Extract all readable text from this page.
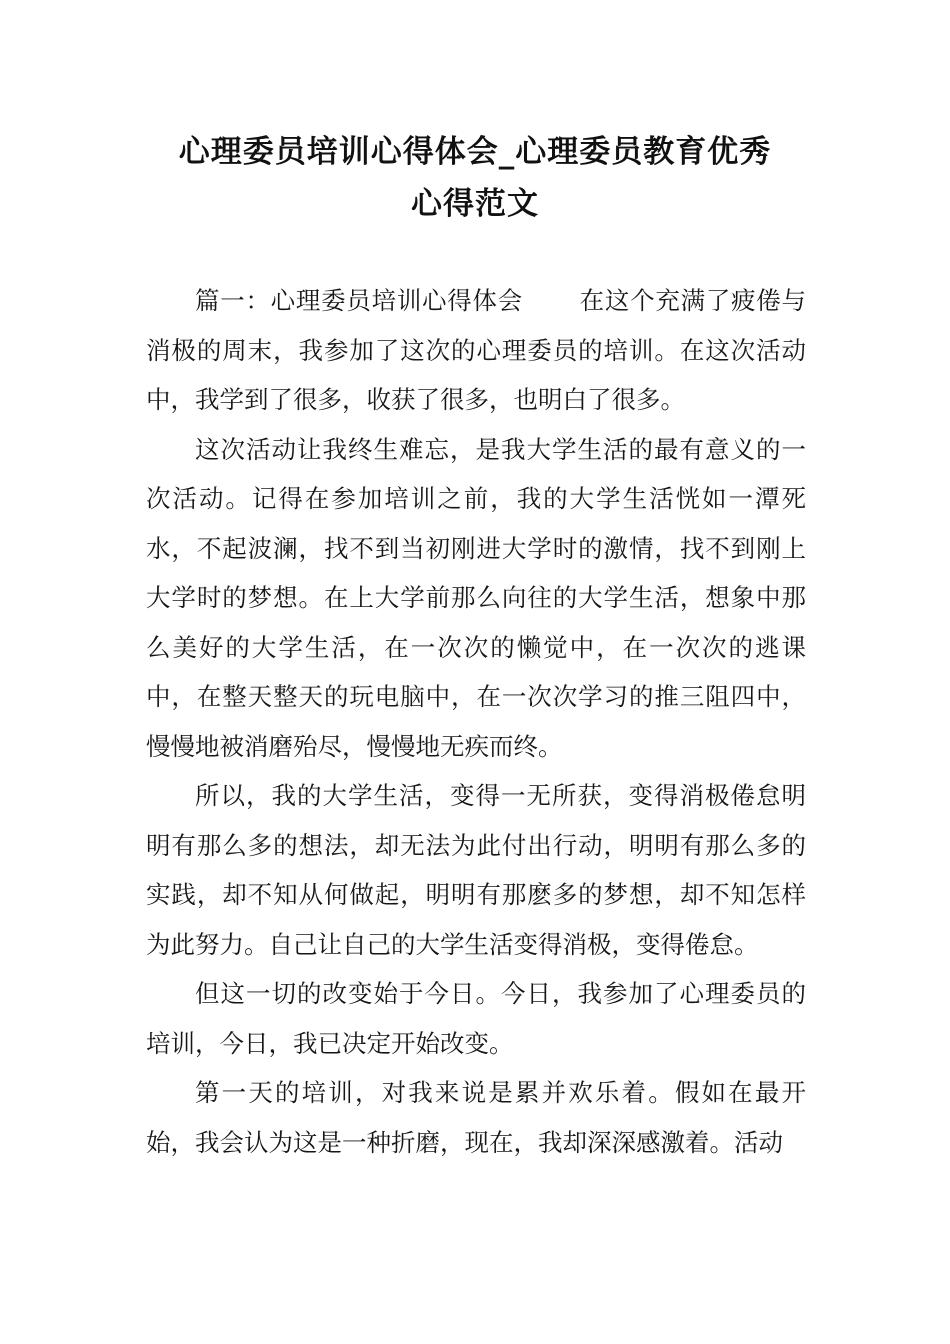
心理委员培训心得体会_心理委员教育优秀
心得范文

篇一：心理委员培训心得体会 在这个充满了疲倦与消极的周末，我参加了这次的心理委员的培训。在这次活动中，我学到了很多，收获了很多，也明白了很多。

这次活动让我终生难忘，是我大学生活的最有意义的一次活动。记得在参加培训之前，我的大学生活恍如一潭死水，不起波澜，找不到当初刚进大学时的激情，找不到刚上大学时的梦想。在上大学前那么向往的大学生活，想象中那么美好的大学生活，在一次次的懒觉中，在一次次的逃课中，在整天整天的玩电脑中，在一次次学习的推三阻四中，慢慢地被消磨殆尽，慢慢地无疾而终。

所以，我的大学生活，变得一无所获，变得消极倦怠明明有那么多的想法，却无法为此付出行动，明明有那么多的实践，却不知从何做起，明明有那麽多的梦想，却不知怎样为此努力。自己让自己的大学生活变得消极，变得倦怠。

但这一切的改变始于今日。今日，我参加了心理委员的培训，今日，我已决定开始改变。

第一天的培训，对我来说是累并欢乐着。假如在最开始，我会认为这是一种折磨，现在，我却深深感激着。活动
